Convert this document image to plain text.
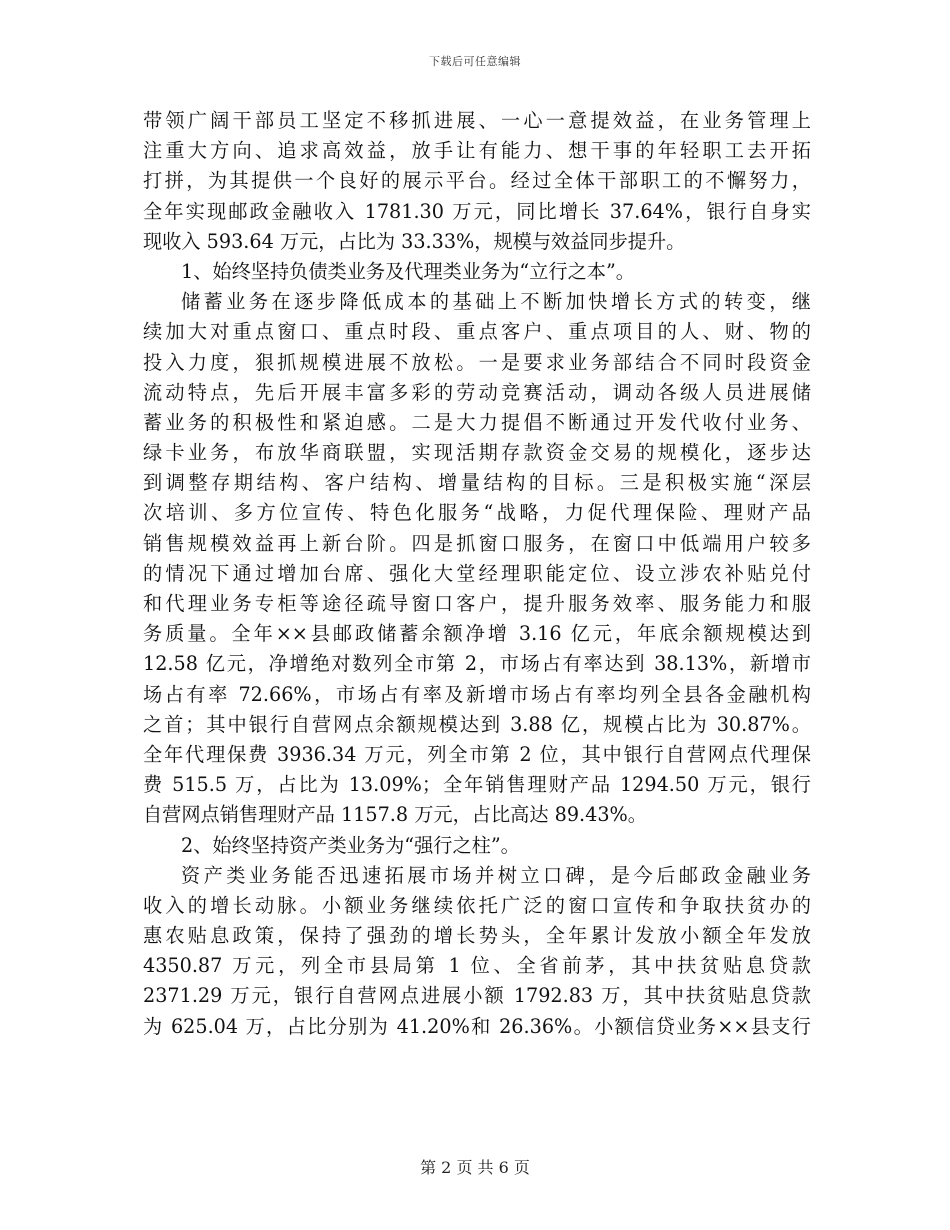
下载后可任意编辑
带领广阔干部员工坚定不移抓进展、一心一意提效益，在业务管理上
注重大方向、追求高效益，放手让有能力、想干事的年轻职工去开拓
打拼，为其提供一个良好的展示平台。经过全体干部职工的不懈努力，
全年实现邮政金融收入 1781.30 万元，同比增长 37.64%，银行自身实
现收入 593.64 万元，占比为 33.33%，规模与效益同步提升。
1、始终坚持负债类业务及代理类业务为“立行之本”。
储蓄业务在逐步降低成本的基础上不断加快增长方式的转变，继
续加大对重点窗口、重点时段、重点客户、重点项目的人、财、物的
投入力度，狠抓规模进展不放松。一是要求业务部结合不同时段资金
流动特点，先后开展丰富多彩的劳动竞赛活动，调动各级人员进展储
蓄业务的积极性和紧迫感。二是大力提倡不断通过开发代收付业务、
绿卡业务，布放华商联盟，实现活期存款资金交易的规模化，逐步达
到调整存期结构、客户结构、增量结构的目标。三是积极实施“深层
次培训、多方位宣传、特色化服务“战略，力促代理保险、理财产品
销售规模效益再上新台阶。四是抓窗口服务，在窗口中低端用户较多
的情况下通过增加台席、强化大堂经理职能定位、设立涉农补贴兑付
和代理业务专柜等途径疏导窗口客户，提升服务效率、服务能力和服
务质量。全年××县邮政储蓄余额净增 3.16 亿元，年底余额规模达到
12.58 亿元，净增绝对数列全市第 2，市场占有率达到 38.13%，新增市
场占有率 72.66%，市场占有率及新增市场占有率均列全县各金融机构
之首；其中银行自营网点余额规模达到 3.88 亿，规模占比为 30.87%。
全年代理保费 3936.34 万元，列全市第 2 位，其中银行自营网点代理保
费 515.5 万，占比为 13.09%；全年销售理财产品 1294.50 万元，银行
自营网点销售理财产品 1157.8 万元，占比高达 89.43%。
2、始终坚持资产类业务为“强行之柱”。
资产类业务能否迅速拓展市场并树立口碑，是今后邮政金融业务
收入的增长动脉。小额业务继续依托广泛的窗口宣传和争取扶贫办的
惠农贴息政策，保持了强劲的增长势头，全年累计发放小额全年发放
4350.87 万元，列全市县局第 1 位、全省前茅，其中扶贫贴息贷款
2371.29 万元，银行自营网点进展小额 1792.83 万，其中扶贫贴息贷款
为 625.04 万，占比分别为 41.20%和 26.36%。小额信贷业务××县支行
第 2 页 共 6 页
